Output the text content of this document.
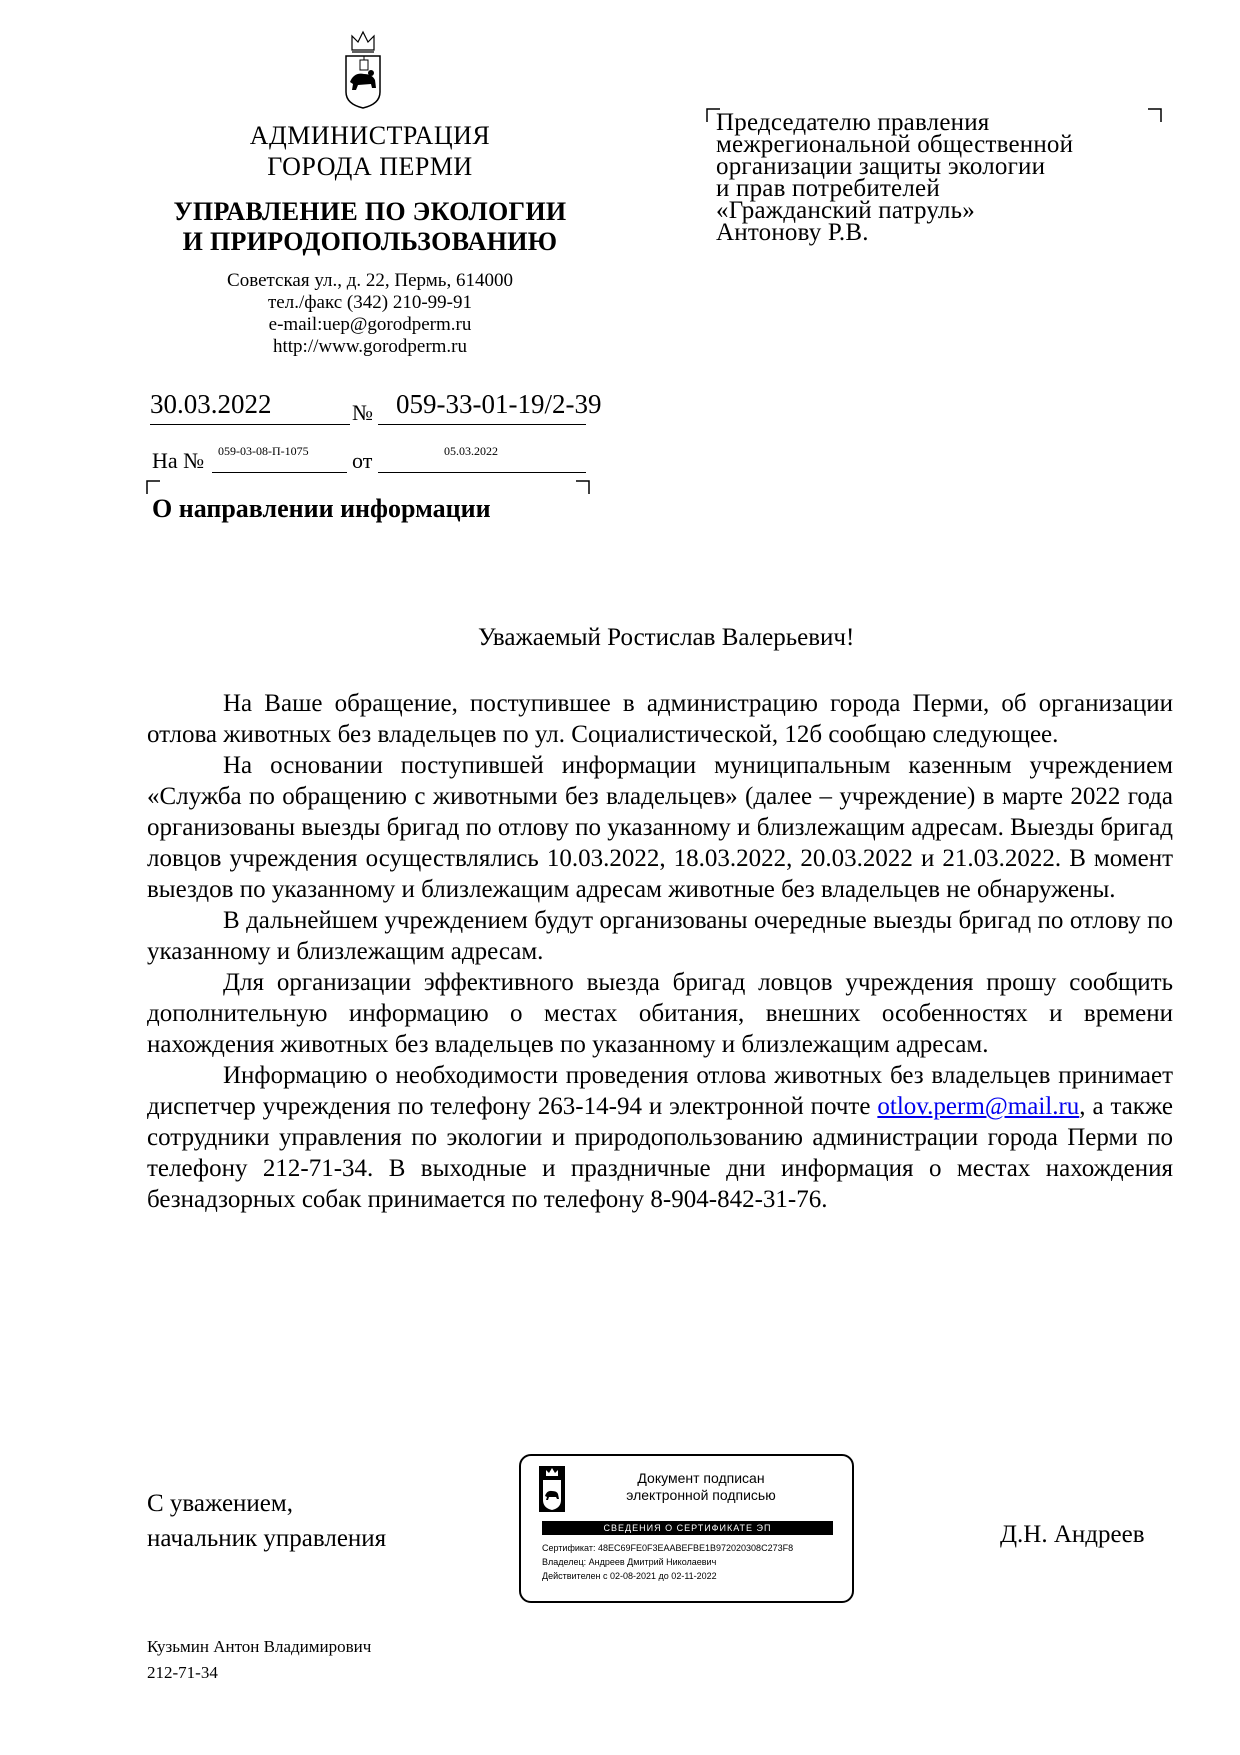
АДМИНИСТРАЦИЯ
ГОРОДА ПЕРМИ
УПРАВЛЕНИЕ ПО ЭКОЛОГИИ
И ПРИРОДОПОЛЬЗОВАНИЮ
Советская ул., д. 22, Пермь, 614000
тел./факс (342) 210-99-91
e-mail:uep@gorodperm.ru
http://www.gorodperm.ru
30.03.2022	№ 059-33-01-19/2-39
На № 059-03-08-П-1075 от	05.03.2022
О направлении информации
Председателю правления
межрегиональной общественной
организации защиты экологии
и прав потребителей
«Гражданский патруль»
Антонову Р.В.
Уважаемый Ростислав Валерьевич!

На Ваше обращение, поступившее в администрацию города Перми, об организации отлова животных без владельцев по ул. Социалистической, 12б сообщаю следующее.

На основании поступившей информации муниципальным казенным учреждением «Служба по обращению с животными без владельцев» (далее – учреждение) в марте 2022 года организованы выезды бригад по отлову по указанному и близлежащим адресам. Выезды бригад ловцов учреждения осуществлялись 10.03.2022, 18.03.2022, 20.03.2022 и 21.03.2022. В момент выездов по указанному и близлежащим адресам животные без владельцев не обнаружены.

В дальнейшем учреждением будут организованы очередные выезды бригад по отлову по указанному и близлежащим адресам.

Для организации эффективного выезда бригад ловцов учреждения прошу сообщить дополнительную информацию о местах обитания, внешних особенностях и времени нахождения животных без владельцев по указанному и близлежащим адресам.

Информацию о необходимости проведения отлова животных без владельцев принимает диспетчер учреждения по телефону 263-14-94 и электронной почте otlov.perm@mail.ru, а также сотрудники управления по экологии и природопользованию администрации города Перми по телефону 212-71-34. В выходные и праздничные дни информация о местах нахождения безнадзорных собак принимается по телефону 8-904-842-31-76.

С уважением,
начальник управления	Д.Н. Андреев
Документ подписан
электронной подписью
СВЕДЕНИЯ О СЕРТИФИКАТЕ ЭП
Сертификат: 48EC69FE0F3EAABEFBE1B972020308C273F8
Владелец: Андреев Дмитрий Николаевич
Действителен с 02-08-2021 до 02-11-2022
Кузьмин Антон Владимирович
212-71-34
